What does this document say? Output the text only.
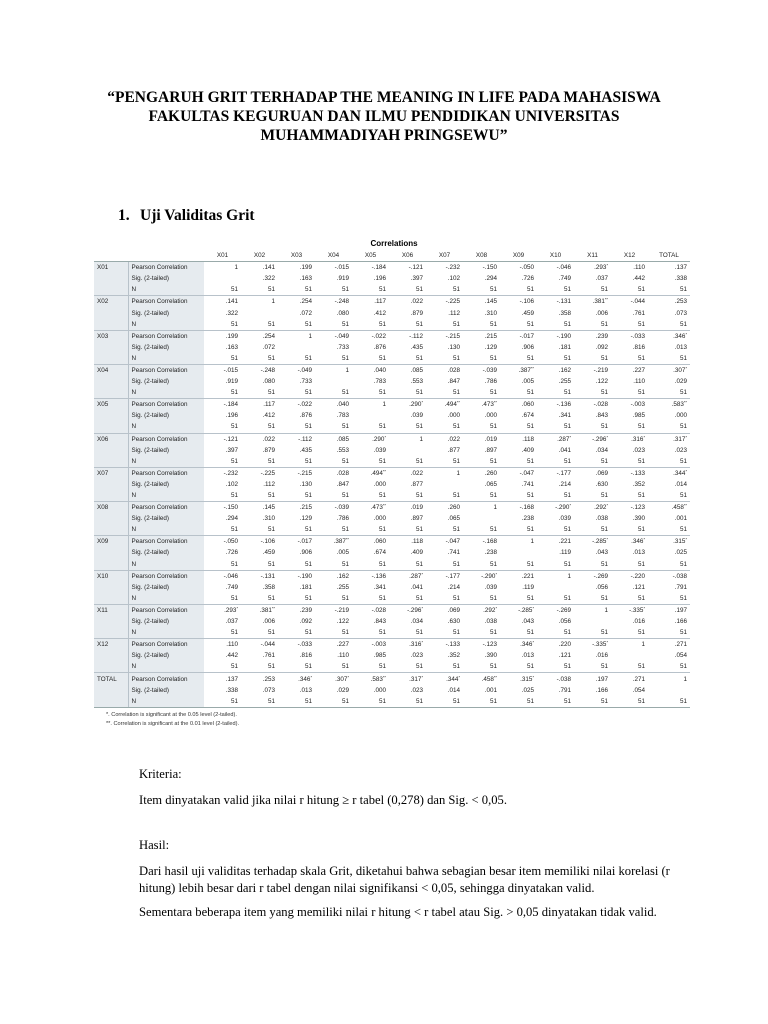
“PENGARUH GRIT TERHADAP THE MEANING IN LIFE PADA MAHASISWA
FAKULTAS KEGURUAN DAN ILMU PENDIDIKAN UNIVERSITAS
MUHAMMADIYAH PRINGSEWU”
1. Uji Validitas Grit
Correlations
		X01	X02	X03	X04	X05	X06	X07	X08	X09	X10	X11	X12	TOTAL
X01	Pearson Correlation	1	.141	.199	-.015	-.184	-.121	-.232	-.150	-.050	-.046	.293*	.110	.137
	Sig. (2-tailed)		.322	.163	.919	.196	.397	.102	.294	.726	.749	.037	.442	.338
	N	51	51	51	51	51	51	51	51	51	51	51	51	51
X02	Pearson Correlation	.141	1	.254	-.248	.117	.022	-.225	.145	-.106	-.131	.381**	-.044	.253
	Sig. (2-tailed)	.322		.072	.080	.412	.879	.112	.310	.459	.358	.006	.761	.073
	N	51	51	51	51	51	51	51	51	51	51	51	51	51
X03	Pearson Correlation	.199	.254	1	-.049	-.022	-.112	-.215	.215	-.017	-.190	.239	-.033	.346*
	Sig. (2-tailed)	.163	.072		.733	.876	.435	.130	.129	.906	.181	.092	.816	.013
	N	51	51	51	51	51	51	51	51	51	51	51	51	51
X04	Pearson Correlation	-.015	-.248	-.049	1	.040	.085	.028	-.039	.387**	.162	-.219	.227	.307*
	Sig. (2-tailed)	.919	.080	.733		.783	.553	.847	.786	.005	.255	.122	.110	.029
	N	51	51	51	51	51	51	51	51	51	51	51	51	51
X05	Pearson Correlation	-.184	.117	-.022	.040	1	.290*	.494**	.473**	.060	-.136	-.028	-.003	.583**
	Sig. (2-tailed)	.196	.412	.876	.783		.039	.000	.000	.674	.341	.843	.985	.000
	N	51	51	51	51	51	51	51	51	51	51	51	51	51
X06	Pearson Correlation	-.121	.022	-.112	.085	.290*	1	.022	.019	.118	.287*	-.296*	.316*	.317*
	Sig. (2-tailed)	.397	.879	.435	.553	.039		.877	.897	.409	.041	.034	.023	.023
	N	51	51	51	51	51	51	51	51	51	51	51	51	51
X07	Pearson Correlation	-.232	-.225	-.215	.028	.494**	.022	1	.260	-.047	-.177	.069	-.133	.344*
	Sig. (2-tailed)	.102	.112	.130	.847	.000	.877		.065	.741	.214	.630	.352	.014
	N	51	51	51	51	51	51	51	51	51	51	51	51	51
X08	Pearson Correlation	-.150	.145	.215	-.039	.473**	.019	.260	1	-.168	-.290*	.292*	-.123	.458**
	Sig. (2-tailed)	.294	.310	.129	.786	.000	.897	.065		.238	.039	.038	.390	.001
	N	51	51	51	51	51	51	51	51	51	51	51	51	51
X09	Pearson Correlation	-.050	-.106	-.017	.387**	.060	.118	-.047	-.168	1	.221	-.285*	.346*	.315*
	Sig. (2-tailed)	.726	.459	.906	.005	.674	.409	.741	.238		.119	.043	.013	.025
	N	51	51	51	51	51	51	51	51	51	51	51	51	51
X10	Pearson Correlation	-.046	-.131	-.190	.162	-.136	.287*	-.177	-.290*	.221	1	-.269	-.220	-.038
	Sig. (2-tailed)	.749	.358	.181	.255	.341	.041	.214	.039	.119		.056	.121	.791
	N	51	51	51	51	51	51	51	51	51	51	51	51	51
X11	Pearson Correlation	.293*	.381**	.239	-.219	-.028	-.296*	.069	.292*	-.285*	-.269	1	-.335*	.197
	Sig. (2-tailed)	.037	.006	.092	.122	.843	.034	.630	.038	.043	.056		.016	.166
	N	51	51	51	51	51	51	51	51	51	51	51	51	51
X12	Pearson Correlation	.110	-.044	-.033	.227	-.003	.316*	-.133	-.123	.346*	.220	-.335*	1	.271
	Sig. (2-tailed)	.442	.761	.816	.110	.985	.023	.352	.390	.013	.121	.016		.054
	N	51	51	51	51	51	51	51	51	51	51	51	51	51
TOTAL	Pearson Correlation	.137	.253	.346*	.307*	.583**	.317*	.344*	.458**	.315*	-.038	.197	.271	1
	Sig. (2-tailed)	.338	.073	.013	.029	.000	.023	.014	.001	.025	.791	.166	.054	
	N	51	51	51	51	51	51	51	51	51	51	51	51	51
*. Correlation is significant at the 0.05 level (2-tailed).
**. Correlation is significant at the 0.01 level (2-tailed).

Kriteria:

Item dinyatakan valid jika nilai r hitung ≥ r tabel (0,278) dan Sig. < 0,05.

Hasil:

Dari hasil uji validitas terhadap skala Grit, diketahui bahwa sebagian besar item memiliki nilai korelasi (r hitung) lebih besar dari r tabel dengan nilai signifikansi < 0,05, sehingga dinyatakan valid.

Sementara beberapa item yang memiliki nilai r hitung < r tabel atau Sig. > 0,05 dinyatakan tidak valid.
